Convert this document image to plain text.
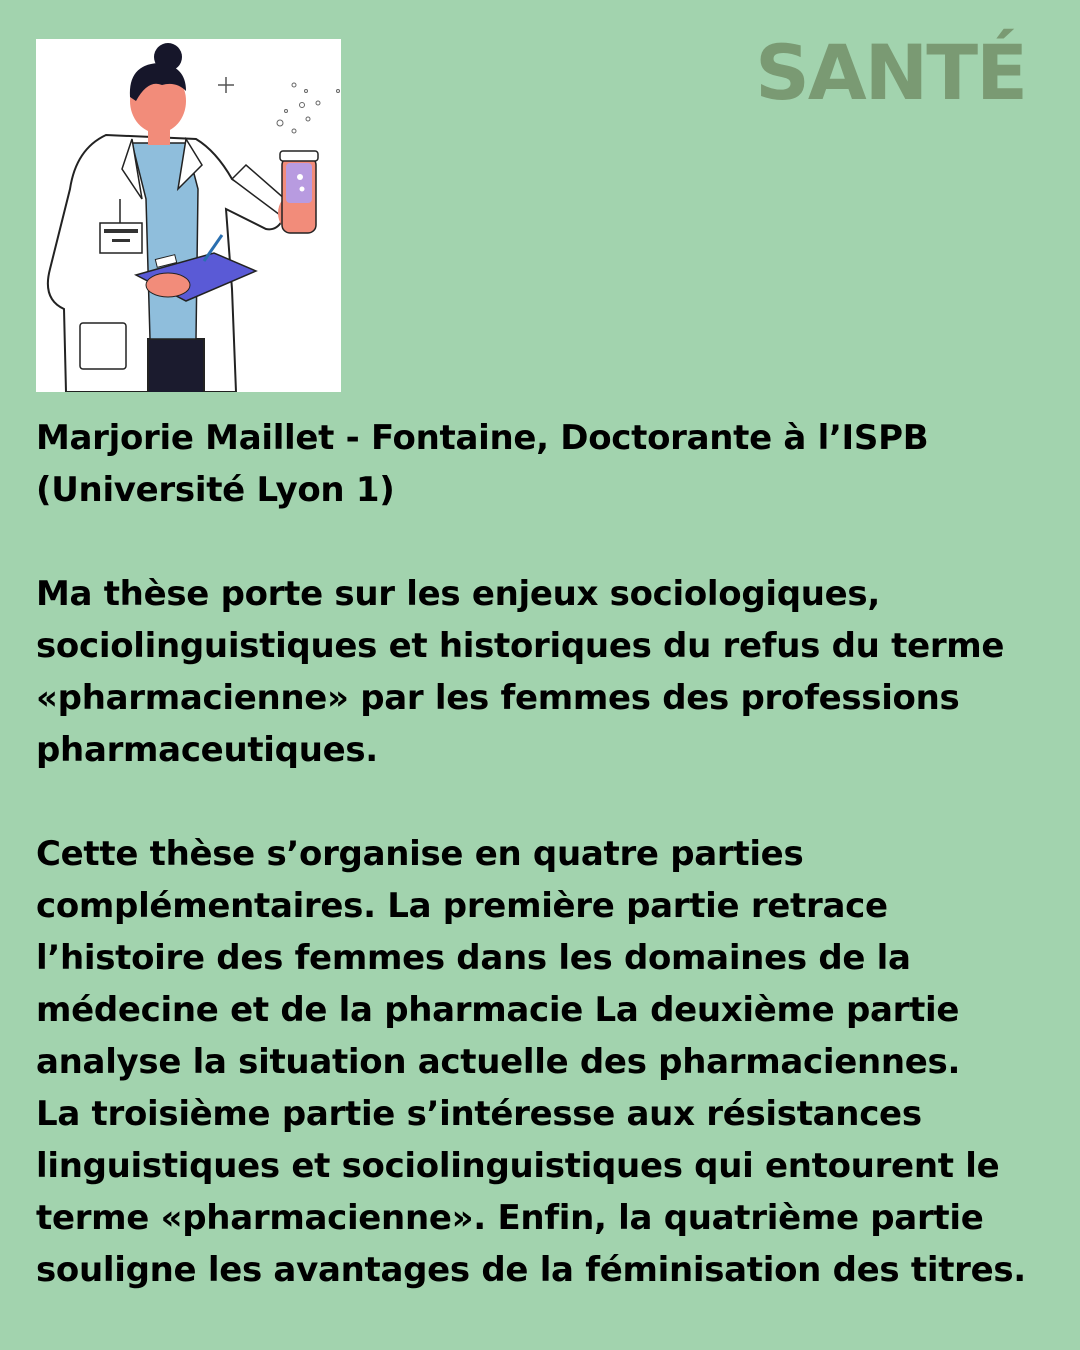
SANTÉ

Marjorie Maillet - Fontaine, Doctorante à l’ISPB
(Université Lyon 1)

Ma thèse porte sur les enjeux sociologiques,
sociolinguistiques et historiques du refus du terme
«pharmacienne» par les femmes des professions
pharmaceutiques.

Cette thèse s’organise en quatre parties
complémentaires. La première partie retrace
l’histoire des femmes dans les domaines de la
médecine et de la pharmacie La deuxième partie
analyse la situation actuelle des pharmaciennes.
La troisième partie s’intéresse aux résistances
linguistiques et sociolinguistiques qui entourent le
terme «pharmacienne». Enfin, la quatrième partie
souligne les avantages de la féminisation des titres.
